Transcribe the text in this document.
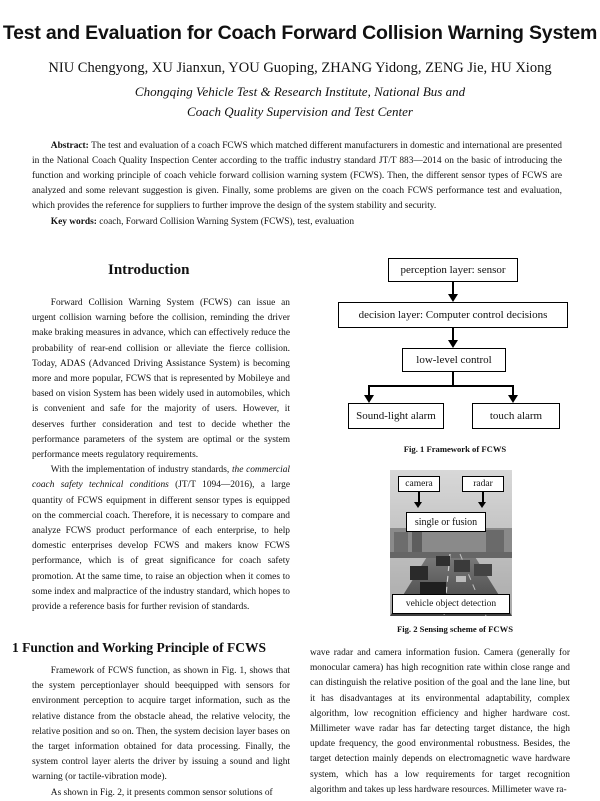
Test and Evaluation for Coach Forward Collision Warning System
NIU Chengyong, XU Jianxun, YOU Guoping, ZHANG Yidong, ZENG Jie, HU Xiong
Chongqing Vehicle Test & Research Institute, National Bus and
Coach Quality Supervision and Test Center

Abstract: The test and evaluation of a coach FCWS which matched different manufacturers in domestic and international are presented in the National Coach Quality Inspection Center according to the traffic industry standard JT/T 883—2014 on the basic of introducing the function and working principle of coach vehicle forward collision warning system (FCWS). Then, the different sensor types of FCWS are analyzed and some relevant suggestion is given. Finally, some problems are given on the coach FCWS performance test and evaluation, which provides the reference for suppliers to further improve the design of the system stability and security.

Key words: coach, Forward Collision Warning System (FCWS), test, evaluation

Introduction

Forward Collision Warning System (FCWS) can issue an urgent collision warning before the collision, reminding the driver make braking measures in advance, which can effectively reduce the probability of rear-end collision or alleviate the fierce collision. Today, ADAS (Advanced Driving Assistance System) is becoming more and more popular, FCWS that is represented by Mobileye and based on vision System has been widely used in automobiles, which is convenient and safe for the majority of users. However, it deserves further consideration and test to decide whether the performance parameters of the system are optimal or the system performance meets regulatory requirements.

With the implementation of industry standards, the commercial coach safety technical conditions (JT/T 1094—2016), a large quantity of FCWS equipment in different sensor types is equipped on the commercial coach. Therefore, it is necessary to compare and analyze FCWS product performance of each enterprise, to help domestic enterprises develop FCWS and makers know FCWS performance, which is of great significance for coach safety promotion. At the same time, to raise an objection when it comes to some index and malpractice of the industry standard, which hopes to provide a reference basis for further revision of standards.

1 Function and Working Principle of FCWS

Framework of FCWS function, as shown in Fig. 1, shows that the system perceptionlayer should beequipped with sensors for environment perception to acquire target information, such as the relative distance from the obstacle ahead, the relative velocity, the relative position and so on. Then, the system decision layer bases on the target information obtained for data processing. Finally, the system control layer alerts the driver by issuing a sound and light warning (or tactile-vibration mode).

As shown in Fig. 2, it presents common sensor solutions of

perception layer: sensor
decision layer: Computer control decisions
low-level control
Sound-light alarm	touch alarm
Fig. 1 Framework of FCWS
camera	radar
single or fusion
vehicle object detection
Fig. 2 Sensing scheme of FCWS

wave radar and camera information fusion. Camera (generally for monocular camera) has high recognition rate within close range and can distinguish the relative position of the goal and the lane line, but it has disadvantages at its environmental adaptability, complex algorithm, low recognition efficiency and higher hardware cost. Millimeter wave radar has far detecting target distance, the high update frequency, the good environmental robustness. Besides, the target detection mainly depends on electromagnetic wave hardware system, which has a low requirements for target recognition algorithm and takes up less hardware resources. Millimeter wave ra-
